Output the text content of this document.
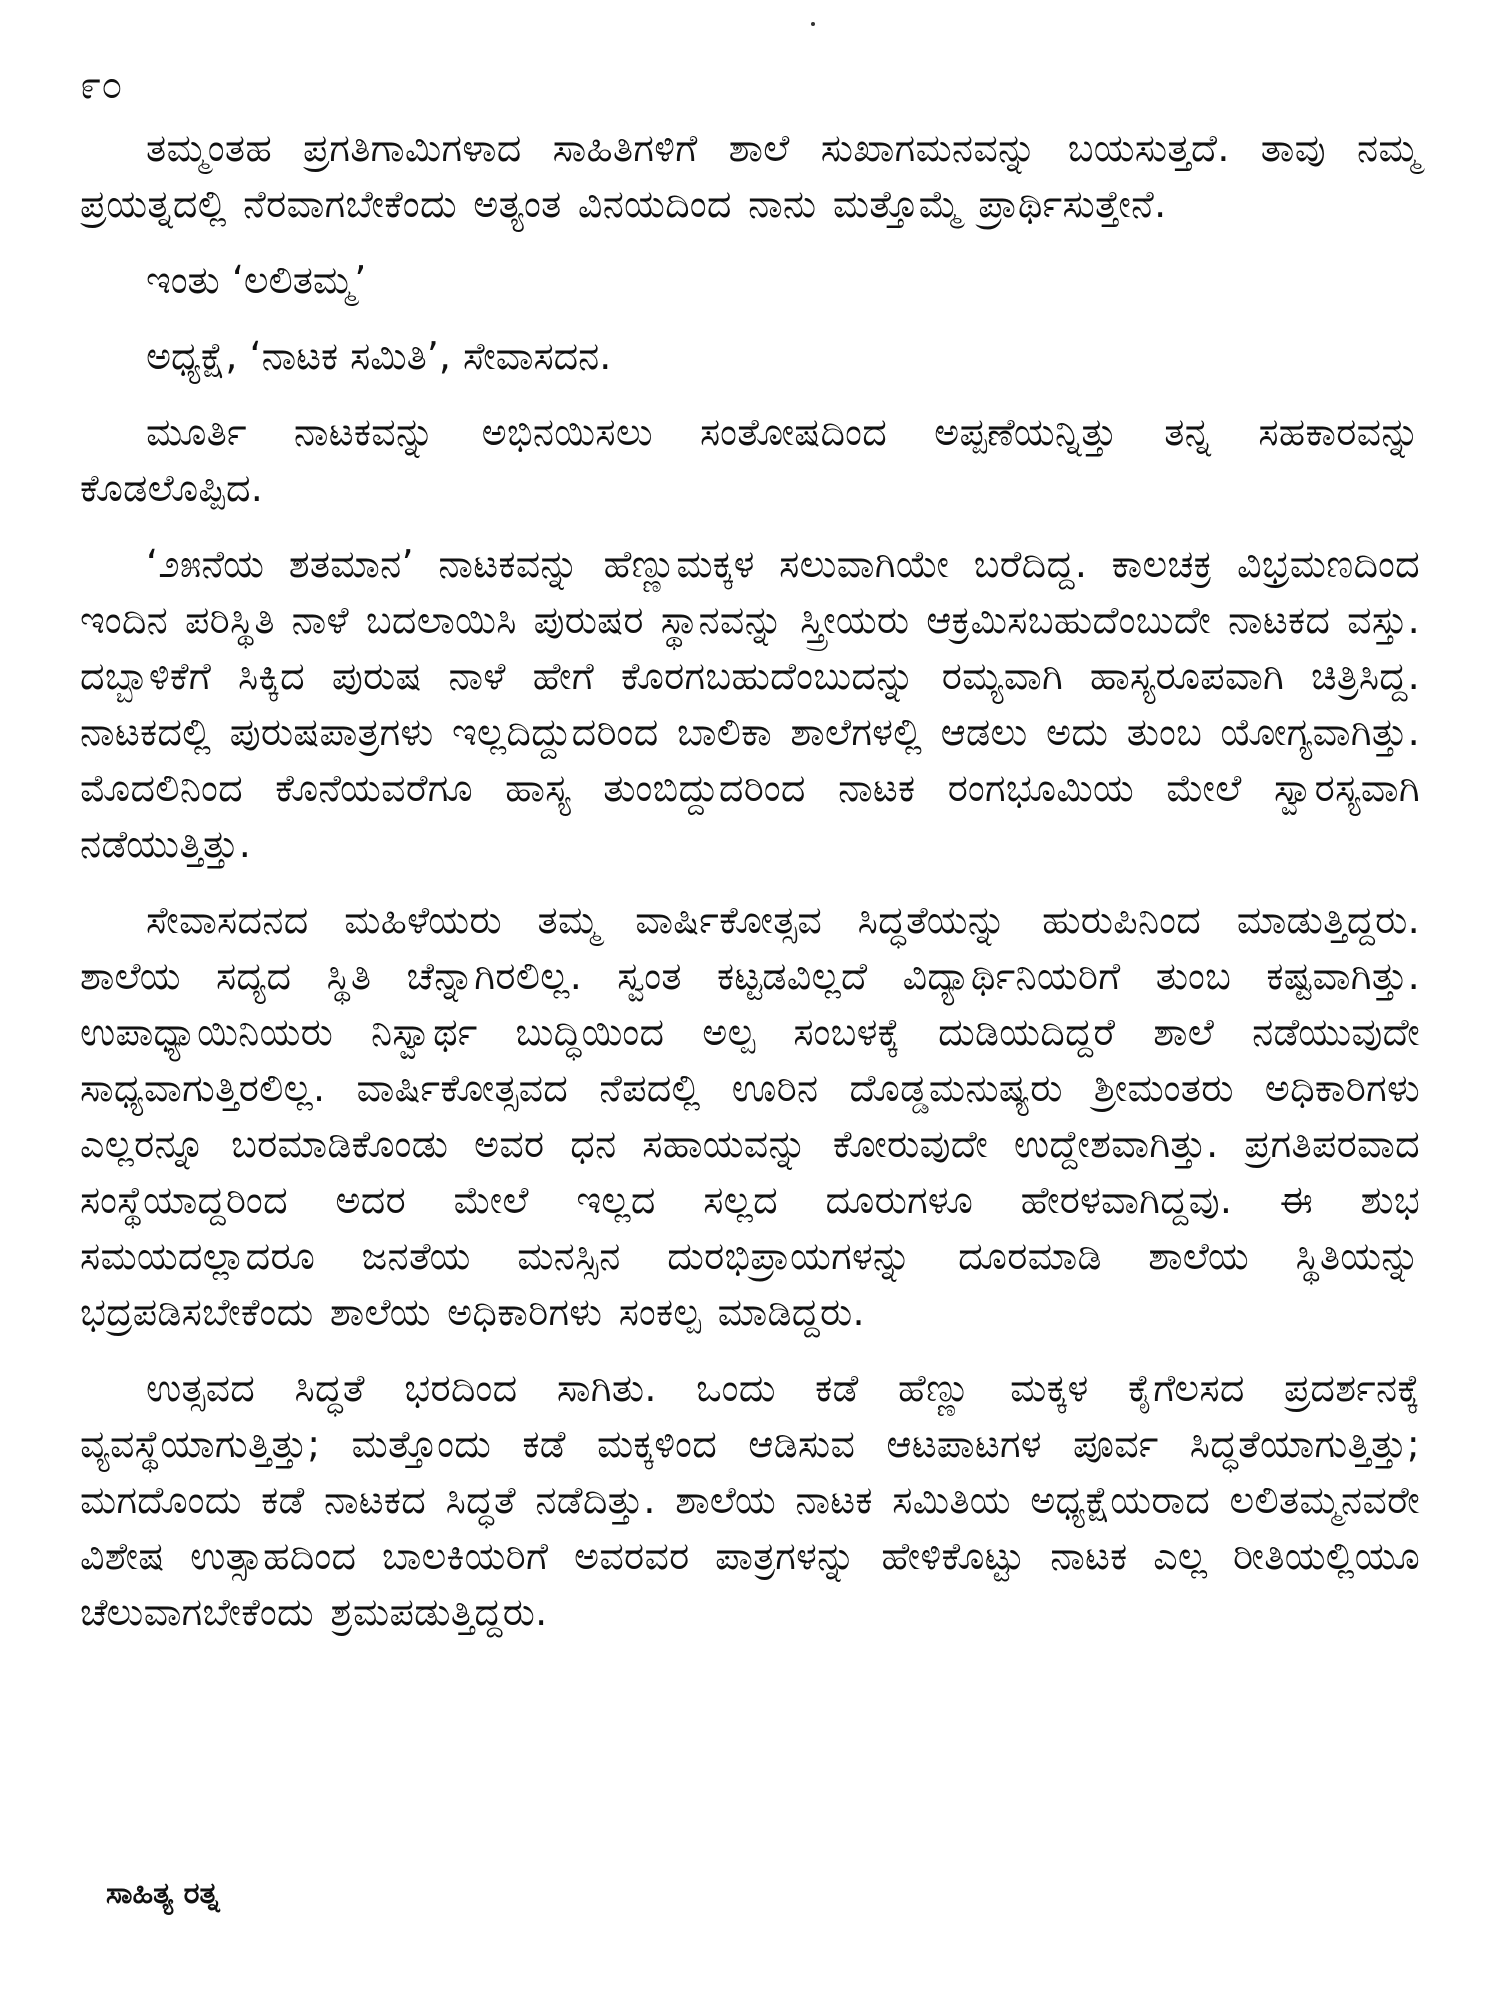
೯೦

ತಮ್ಮಂತಹ ಪ್ರಗತಿಗಾಮಿಗಳಾದ ಸಾಹಿತಿಗಳಿಗೆ ಶಾಲೆ ಸುಖಾಗಮನವನ್ನು ಬಯಸುತ್ತದೆ. ತಾವು ನಮ್ಮ ಪ್ರಯತ್ನದಲ್ಲಿ ನೆರವಾಗಬೇಕೆಂದು ಅತ್ಯಂತ ವಿನಯದಿಂದ ನಾನು ಮತ್ತೊಮ್ಮೆ ಪ್ರಾರ್ಥಿಸುತ್ತೇನೆ.

ಇಂತು ‘ಲಲಿತಮ್ಮ’

ಅಧ್ಯಕ್ಷೆ, ‘ನಾಟಕ ಸಮಿತಿ’, ಸೇವಾಸದನ.

ಮೂರ್ತಿ ನಾಟಕವನ್ನು ಅಭಿನಯಿಸಲು ಸಂತೋಷದಿಂದ ಅಪ್ಪಣೆಯನ್ನಿತ್ತು ತನ್ನ ಸಹಕಾರವನ್ನು ಕೊಡಲೊಪ್ಪಿದ.

‘೨೫ನೆಯ ಶತಮಾನ’ ನಾಟಕವನ್ನು ಹೆಣ್ಣುಮಕ್ಕಳ ಸಲುವಾಗಿಯೇ ಬರೆದಿದ್ದ. ಕಾಲಚಕ್ರ ವಿಭ್ರಮಣದಿಂದ ಇಂದಿನ ಪರಿಸ್ಥಿತಿ ನಾಳೆ ಬದಲಾಯಿಸಿ ಪುರುಷರ ಸ್ಥಾನವನ್ನು ಸ್ತ್ರೀಯರು ಆಕ್ರಮಿಸಬಹುದೆಂಬುದೇ ನಾಟಕದ ವಸ್ತು. ದಬ್ಬಾಳಿಕೆಗೆ ಸಿಕ್ಕಿದ ಪುರುಷ ನಾಳೆ ಹೇಗೆ ಕೊರಗಬಹುದೆಂಬುದನ್ನು ರಮ್ಯವಾಗಿ ಹಾಸ್ಯರೂಪವಾಗಿ ಚಿತ್ರಿಸಿದ್ದ. ನಾಟಕದಲ್ಲಿ ಪುರುಷಪಾತ್ರಗಳು ಇಲ್ಲದಿದ್ದುದರಿಂದ ಬಾಲಿಕಾ ಶಾಲೆಗಳಲ್ಲಿ ಆಡಲು ಅದು ತುಂಬ ಯೋಗ್ಯವಾಗಿತ್ತು. ಮೊದಲಿನಿಂದ ಕೊನೆಯವರೆಗೂ ಹಾಸ್ಯ ತುಂಬಿದ್ದುದರಿಂದ ನಾಟಕ ರಂಗಭೂಮಿಯ ಮೇಲೆ ಸ್ವಾರಸ್ಯವಾಗಿ ನಡೆಯುತ್ತಿತ್ತು.

ಸೇವಾಸದನದ ಮಹಿಳೆಯರು ತಮ್ಮ ವಾರ್ಷಿಕೋತ್ಸವ ಸಿದ್ಧತೆಯನ್ನು ಹುರುಪಿನಿಂದ ಮಾಡುತ್ತಿದ್ದರು. ಶಾಲೆಯ ಸದ್ಯದ ಸ್ಥಿತಿ ಚೆನ್ನಾಗಿರಲಿಲ್ಲ. ಸ್ವಂತ ಕಟ್ಟಡವಿಲ್ಲದೆ ವಿದ್ಯಾರ್ಥಿನಿಯರಿಗೆ ತುಂಬ ಕಷ್ಟವಾಗಿತ್ತು. ಉಪಾಧ್ಯಾಯಿನಿಯರು ನಿಸ್ವಾರ್ಥ ಬುದ್ಧಿಯಿಂದ ಅಲ್ಪ ಸಂಬಳಕ್ಕೆ ದುಡಿಯದಿದ್ದರೆ ಶಾಲೆ ನಡೆಯುವುದೇ ಸಾಧ್ಯವಾಗುತ್ತಿರಲಿಲ್ಲ. ವಾರ್ಷಿಕೋತ್ಸವದ ನೆಪದಲ್ಲಿ ಊರಿನ ದೊಡ್ಡಮನುಷ್ಯರು ಶ್ರೀಮಂತರು ಅಧಿಕಾರಿಗಳು ಎಲ್ಲರನ್ನೂ ಬರಮಾಡಿಕೊಂಡು ಅವರ ಧನ ಸಹಾಯವನ್ನು ಕೋರುವುದೇ ಉದ್ದೇಶವಾಗಿತ್ತು. ಪ್ರಗತಿಪರವಾದ ಸಂಸ್ಥೆಯಾದ್ದರಿಂದ ಅದರ ಮೇಲೆ ಇಲ್ಲದ ಸಲ್ಲದ ದೂರುಗಳೂ ಹೇರಳವಾಗಿದ್ದವು. ಈ ಶುಭ ಸಮಯದಲ್ಲಾದರೂ ಜನತೆಯ ಮನಸ್ಸಿನ ದುರಭಿಪ್ರಾಯಗಳನ್ನು ದೂರಮಾಡಿ ಶಾಲೆಯ ಸ್ಥಿತಿಯನ್ನು ಭದ್ರಪಡಿಸಬೇಕೆಂದು ಶಾಲೆಯ ಅಧಿಕಾರಿಗಳು ಸಂಕಲ್ಪ ಮಾಡಿದ್ದರು.

ಉತ್ಸವದ ಸಿದ್ಧತೆ ಭರದಿಂದ ಸಾಗಿತು. ಒಂದು ಕಡೆ ಹೆಣ್ಣು ಮಕ್ಕಳ ಕೈಗೆಲಸದ ಪ್ರದರ್ಶನಕ್ಕೆ ವ್ಯವಸ್ಥೆಯಾಗುತ್ತಿತ್ತು; ಮತ್ತೊಂದು ಕಡೆ ಮಕ್ಕಳಿಂದ ಆಡಿಸುವ ಆಟಪಾಟಗಳ ಪೂರ್ವ ಸಿದ್ಧತೆಯಾಗುತ್ತಿತ್ತು; ಮಗದೊಂದು ಕಡೆ ನಾಟಕದ ಸಿದ್ಧತೆ ನಡೆದಿತ್ತು. ಶಾಲೆಯ ನಾಟಕ ಸಮಿತಿಯ ಅಧ್ಯಕ್ಷೆಯರಾದ ಲಲಿತಮ್ಮನವರೇ ವಿಶೇಷ ಉತ್ಸಾಹದಿಂದ ಬಾಲಕಿಯರಿಗೆ ಅವರವರ ಪಾತ್ರಗಳನ್ನು ಹೇಳಿಕೊಟ್ಟು ನಾಟಕ ಎಲ್ಲ ರೀತಿಯಲ್ಲಿಯೂ ಚೆಲುವಾಗಬೇಕೆಂದು ಶ್ರಮಪಡುತ್ತಿದ್ದರು.

ಸಾಹಿತ್ಯ ರತ್ನ
